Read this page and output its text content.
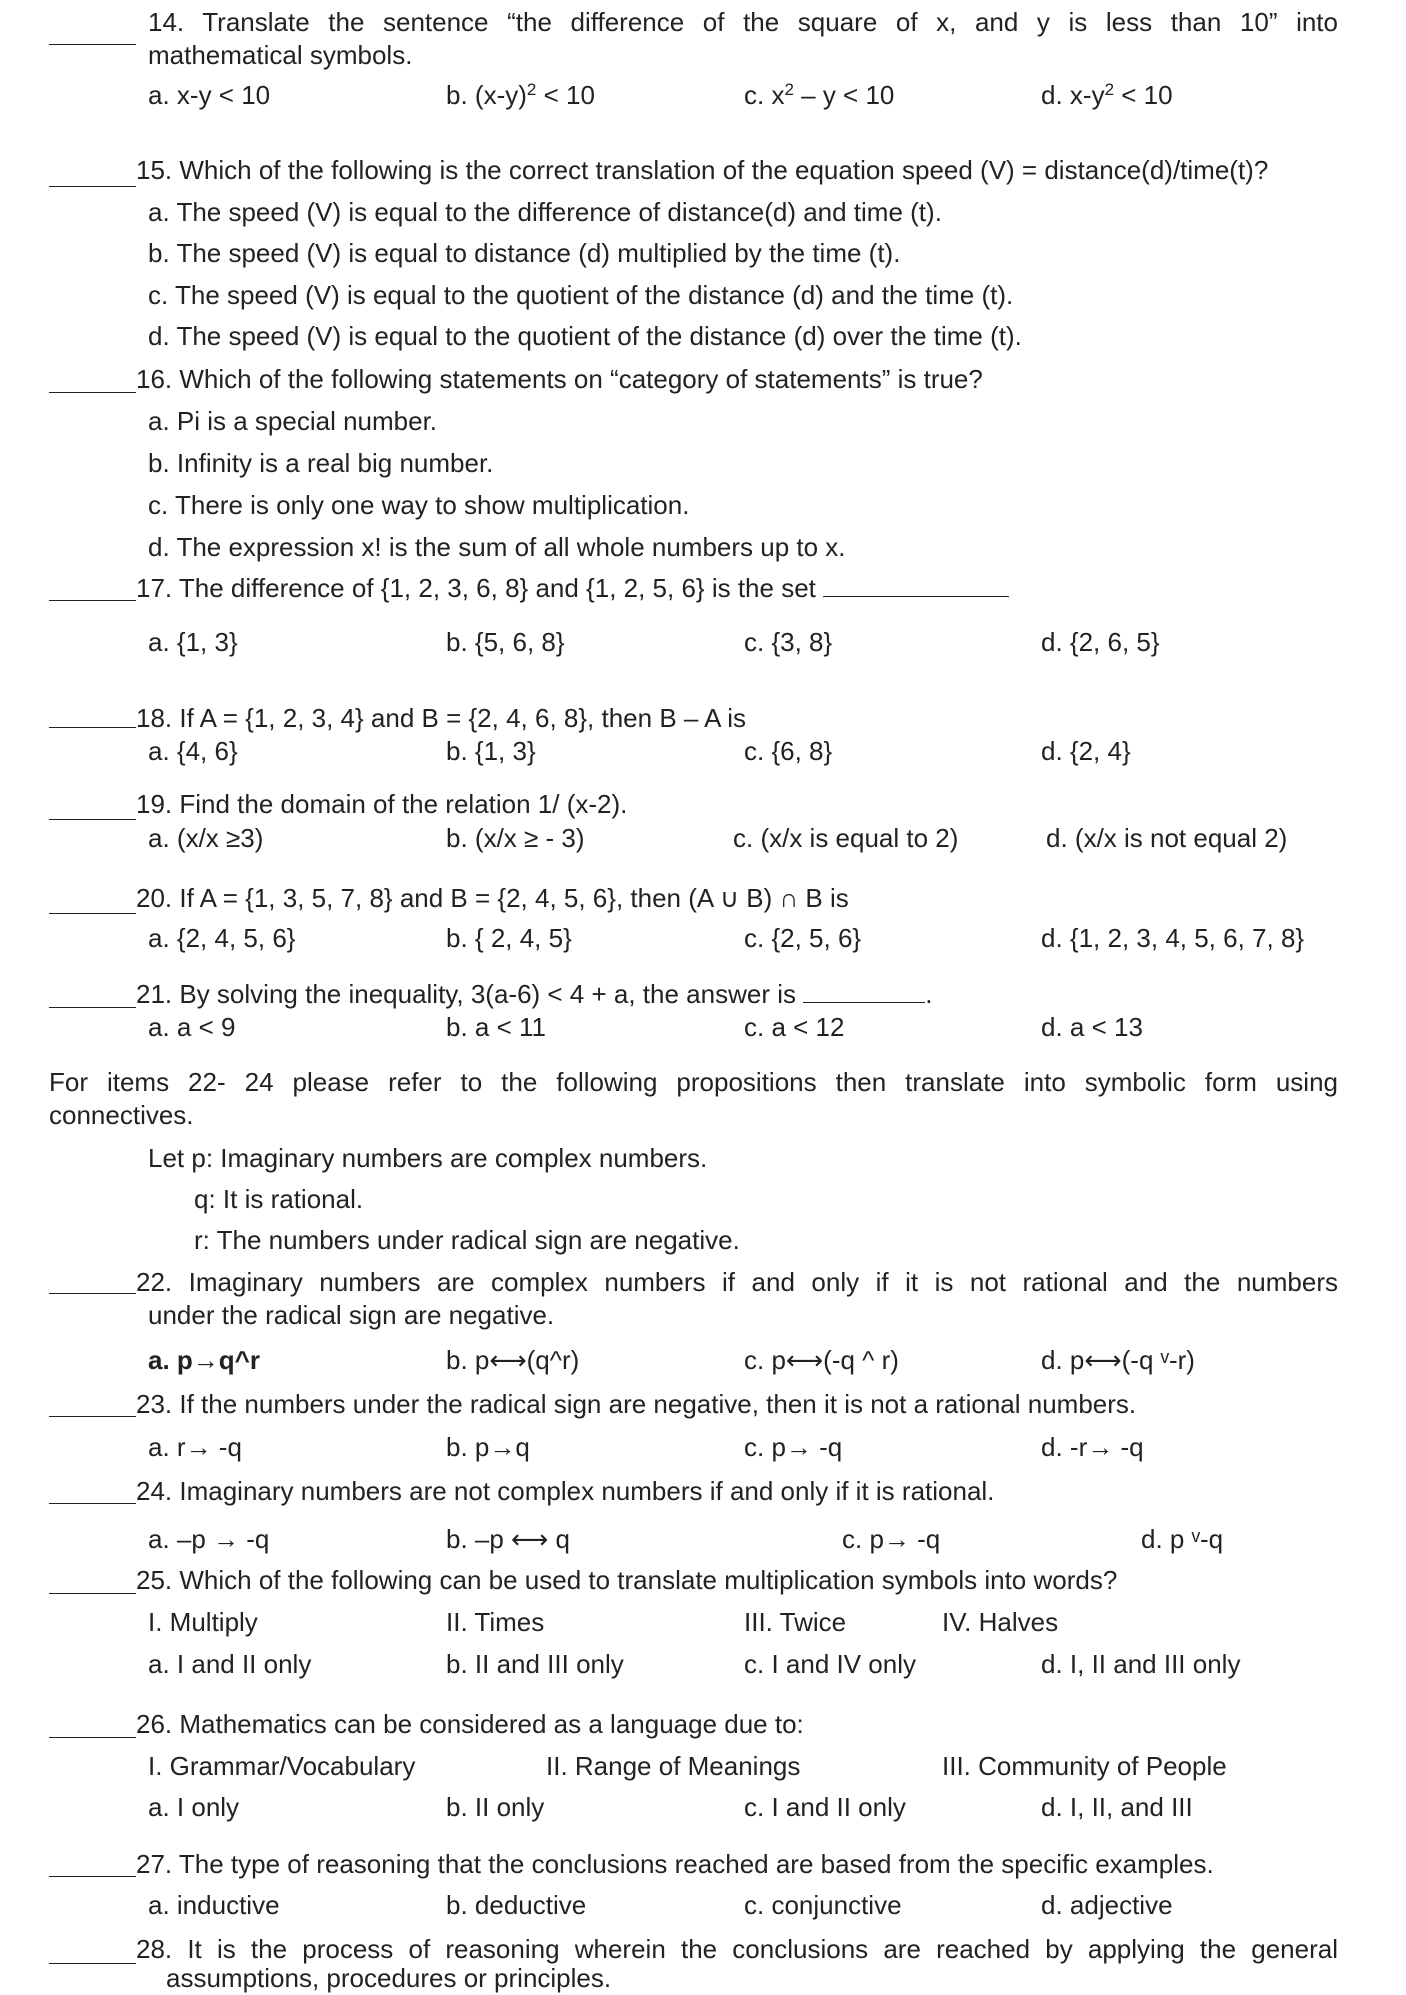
14. Translate the sentence “the difference of the square of x, and y is less than 10” into
mathematical symbols.
a. x-y < 10	b. $(x-y)^2 < 10$	c. $x^2 - y < 10$	d. $x-y^2 < 10$
15. Which of the following is the correct translation of the equation speed (V) = distance(d)/time(t)?
a. The speed (V) is equal to the difference of distance(d) and time (t).
b. The speed (V) is equal to distance (d) multiplied by the time (t).
c. The speed (V) is equal to the quotient of the distance (d) and the time (t).
d. The speed (V) is equal to the quotient of the distance (d) over the time (t).
16. Which of the following statements on “category of statements” is true?
a. Pi is a special number.
b. Infinity is a real big number.
c. There is only one way to show multiplication.
d. The expression x! is the sum of all whole numbers up to x.
17. The difference of {1, 2, 3, 6, 8} and {1, 2, 5, 6} is the set
a. {1, 3}	b. {5, 6, 8}	c. {3, 8}	d. {2, 6, 5}
18. If A = {1, 2, 3, 4} and B = {2, 4, 6, 8}, then B – A is
a. {4, 6}	b. {1, 3}	c. {6, 8}	d. {2, 4}
19. Find the domain of the relation 1/ (x-2).
a. (x/x ≥3)	b. (x/x ≥ - 3)	c. (x/x is equal to 2)	d. (x/x is not equal 2)
20. If A = {1, 3, 5, 7, 8} and B = {2, 4, 5, 6}, then (A ∪ B) ∩ B is
a. {2, 4, 5, 6}	b. { 2, 4, 5}	c. {2, 5, 6}	d. {1, 2, 3, 4, 5, 6, 7, 8}
21. By solving the inequality, 3(a-6) < 4 + a, the answer is	.
a. a < 9	b. a < 11	c. a < 12	d. a < 13
For items 22- 24 please refer to the following propositions then translate into symbolic form using
connectives.
Let p: Imaginary numbers are complex numbers.
q: It is rational.
r: The numbers under radical sign are negative.
22. Imaginary numbers are complex numbers if and only if it is not rational and the numbers
under the radical sign are negative.
a. p→q^r	b. p⟷(q^r)	c. p⟷(-q ^ r)	d. p⟷(-q ᵛ-r)
23. If the numbers under the radical sign are negative, then it is not a rational numbers.
a. r→ -q	b. p→q	c. p→ -q	d. -r→ -q
24. Imaginary numbers are not complex numbers if and only if it is rational.
a. –p → -q	b. –p ⟷ q	c. p→ -q	d. p ᵛ-q
25. Which of the following can be used to translate multiplication symbols into words?
I. Multiply	II. Times	III. Twice	IV. Halves
a. I and II only	b. II and III only	c. I and IV only	d. I, II and III only
26. Mathematics can be considered as a language due to:
I. Grammar/Vocabulary	II. Range of Meanings	III. Community of People
a. I only	b. II only	c. I and II only	d. I, II, and III
27. The type of reasoning that the conclusions reached are based from the specific examples.
a. inductive	b. deductive	c. conjunctive	d. adjective
28. It is the process of reasoning wherein the conclusions are reached by applying the general
assumptions, procedures or principles.
